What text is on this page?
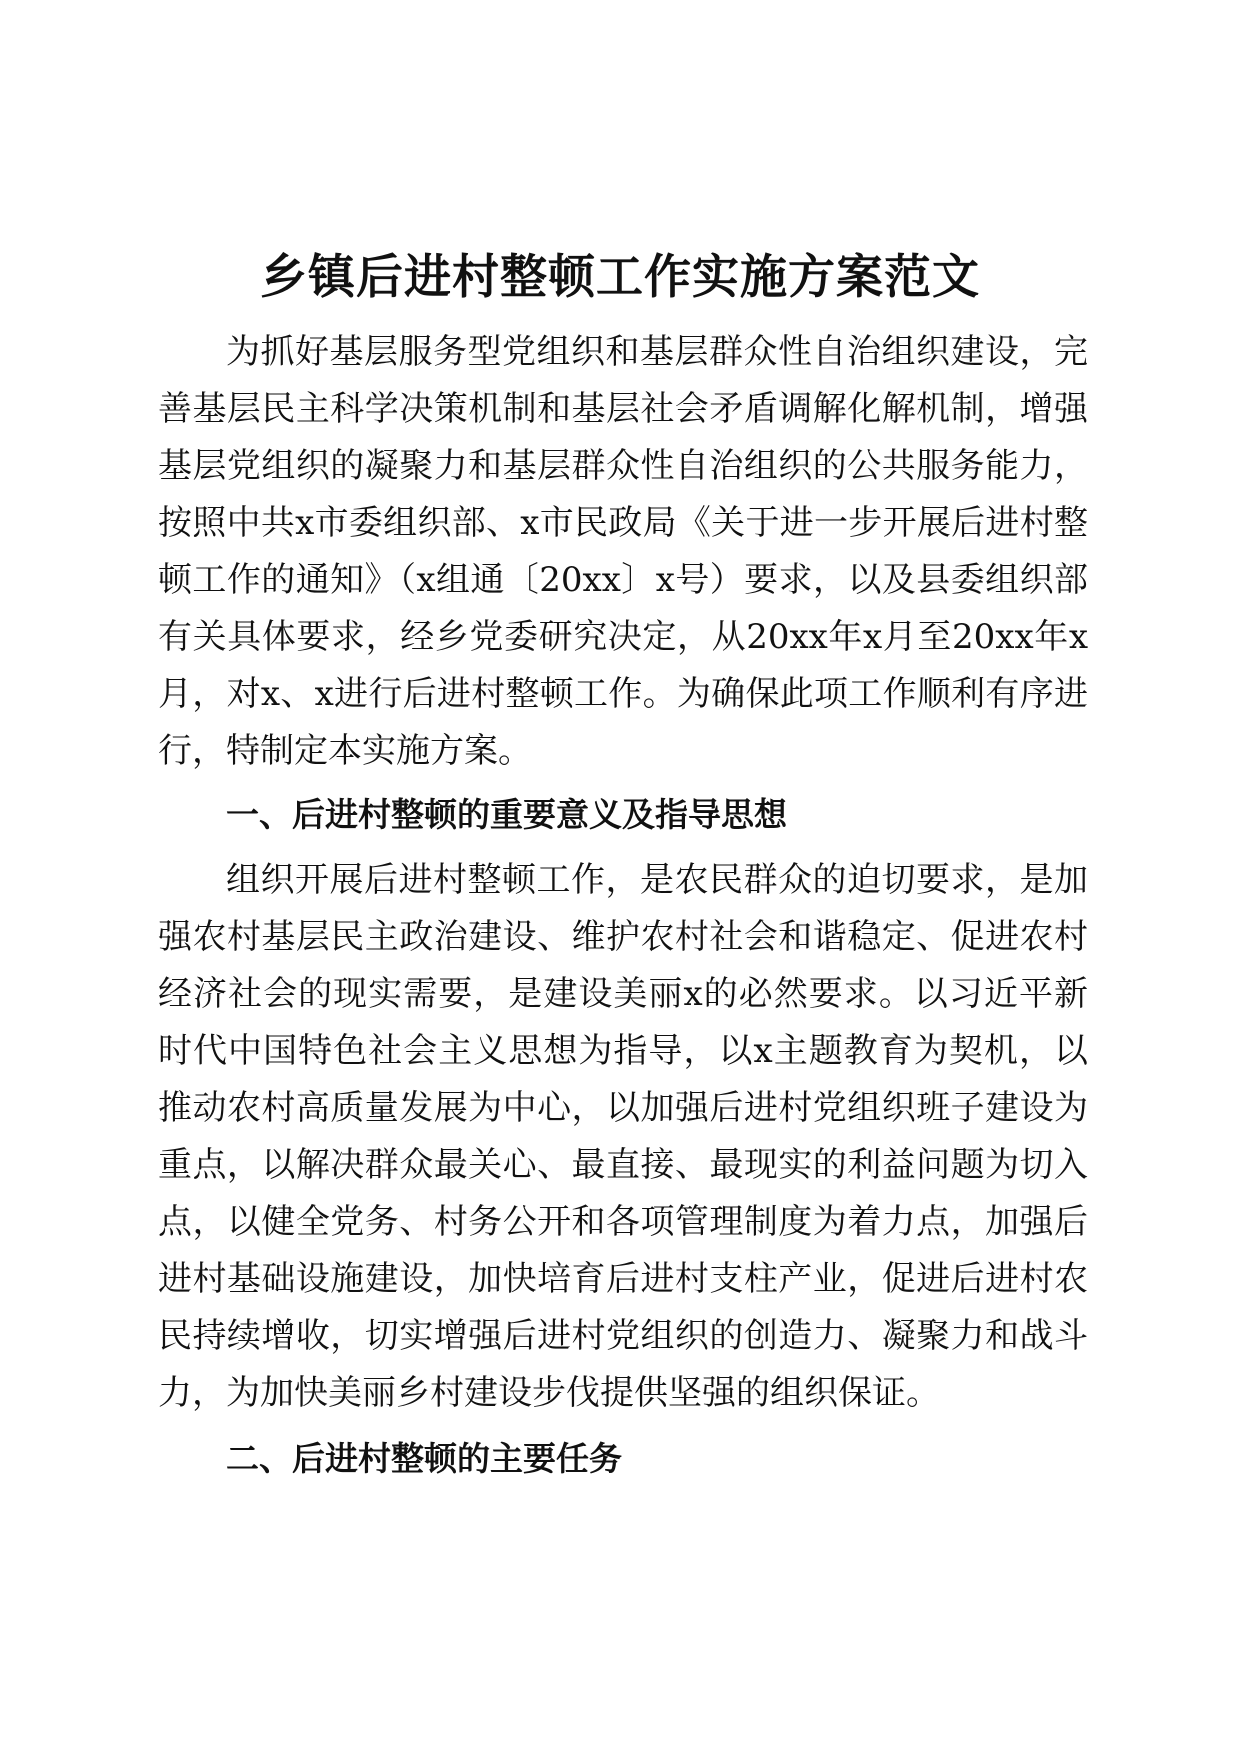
乡镇后进村整顿工作实施方案范文
为抓好基层服务型党组织和基层群众性自治组织建设，完
善基层民主科学决策机制和基层社会矛盾调解化解机制，增强
基层党组织的凝聚力和基层群众性自治组织的公共服务能力，
按照中共x市委组织部、x市民政局《关于进一步开展后进村整
顿工作的通知》（x组通〔20xx〕x号）要求，以及县委组织部
有关具体要求，经乡党委研究决定，从20xx年x月至20xx年x
月，对x、x进行后进村整顿工作。为确保此项工作顺利有序进
行，特制定本实施方案。
一、后进村整顿的重要意义及指导思想
组织开展后进村整顿工作，是农民群众的迫切要求，是加
强农村基层民主政治建设、维护农村社会和谐稳定、促进农村
经济社会的现实需要，是建设美丽x的必然要求。以习近平新
时代中国特色社会主义思想为指导，以x主题教育为契机，以
推动农村高质量发展为中心，以加强后进村党组织班子建设为
重点，以解决群众最关心、最直接、最现实的利益问题为切入
点，以健全党务、村务公开和各项管理制度为着力点，加强后
进村基础设施建设，加快培育后进村支柱产业，促进后进村农
民持续增收，切实增强后进村党组织的创造力、凝聚力和战斗
力，为加快美丽乡村建设步伐提供坚强的组织保证。
二、后进村整顿的主要任务
